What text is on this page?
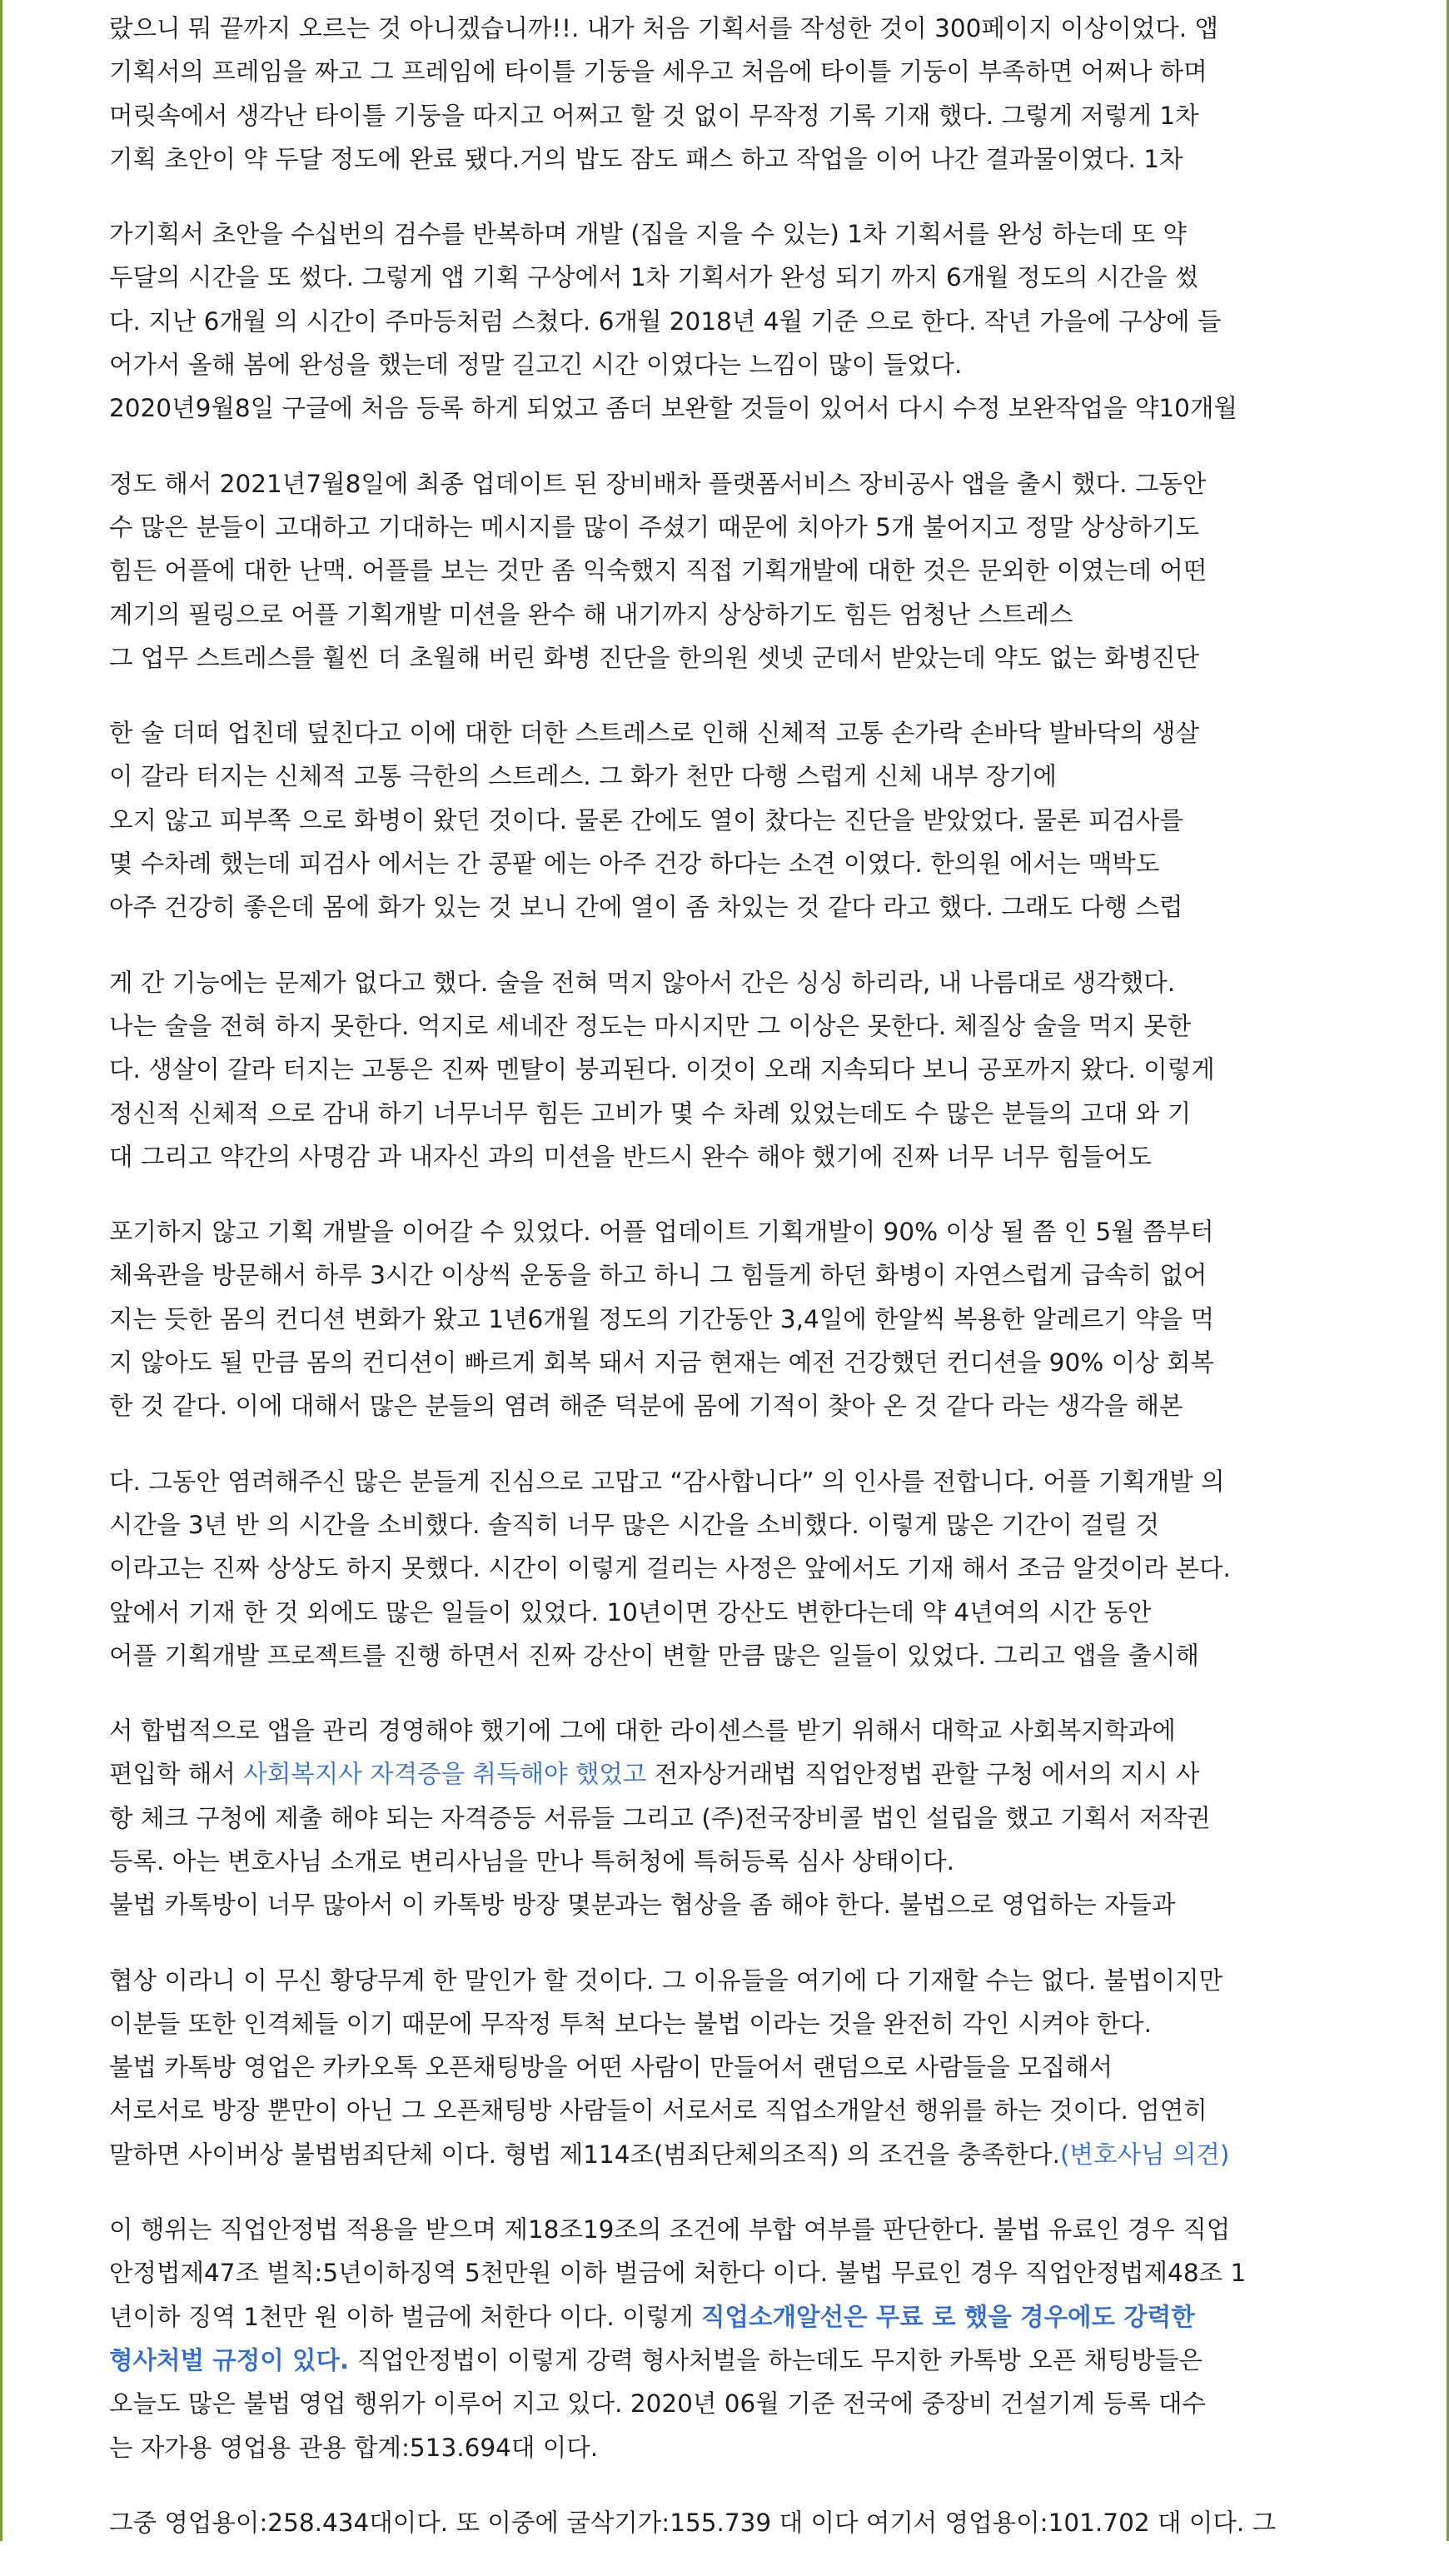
랐으니 뭐 끝까지 오르는 것 아니겠습니까!!. 내가 처음 기획서를 작성한 것이 300페이지 이상이었다. 앱
기획서의 프레임을 짜고 그 프레임에 타이틀 기둥을 세우고 처음에 타이틀 기둥이 부족하면 어쩌나 하며
머릿속에서 생각난 타이틀 기둥을 따지고 어쩌고 할 것 없이 무작정 기록 기재 했다. 그렇게 저렇게 1차
기획 초안이 약 두달 정도에 완료 됐다.거의 밥도 잠도 패스 하고 작업을 이어 나간 결과물이였다. 1차
가기획서 초안을 수십번의 검수를 반복하며 개발 (집을 지을 수 있는) 1차 기획서를 완성 하는데 또 약
두달의 시간을 또 썼다. 그렇게 앱 기획 구상에서 1차 기획서가 완성 되기 까지 6개월 정도의 시간을 썼
다. 지난 6개월 의 시간이 주마등처럼 스쳤다. 6개월 2018년 4월 기준 으로 한다. 작년 가을에 구상에 들
어가서 올해 봄에 완성을 했는데 정말 길고긴 시간 이였다는 느낌이 많이 들었다.
2020년9월8일 구글에 처음 등록 하게 되었고 좀더 보완할 것들이 있어서 다시 수정 보완작업을 약10개월
정도 해서 2021년7월8일에 최종 업데이트 된 장비배차 플랫폼서비스 장비공사 앱을 출시 했다. 그동안
수 많은 분들이 고대하고 기대하는 메시지를 많이 주셨기 때문에 치아가 5개 불어지고 정말 상상하기도
힘든 어플에 대한 난맥. 어플를 보는 것만 좀 익숙했지 직접 기획개발에 대한 것은 문외한 이였는데 어떤
계기의 필링으로 어플 기획개발 미션을 완수 해 내기까지 상상하기도 힘든 엄청난 스트레스
그 업무 스트레스를 훨씬 더 초월해 버린 화병 진단을 한의원 셋넷 군데서 받았는데 약도 없는 화병진단
한 술 더떠 업친데 덮친다고 이에 대한 더한 스트레스로 인해 신체적 고통 손가락 손바닥 발바닥의 생살
이 갈라 터지는 신체적 고통 극한의 스트레스. 그 화가 천만 다행 스럽게 신체 내부 장기에
오지 않고 피부쪽 으로 화병이 왔던 것이다. 물론 간에도 열이 찼다는 진단을 받았었다. 물론 피검사를
몇 수차례 했는데 피검사 에서는 간 콩팥 에는 아주 건강 하다는 소견 이였다. 한의원 에서는 맥박도
아주 건강히 좋은데 몸에 화가 있는 것 보니 간에 열이 좀 차있는 것 같다 라고 했다. 그래도 다행 스럽
게 간 기능에는 문제가 없다고 했다. 술을 전혀 먹지 않아서 간은 싱싱 하리라, 내 나름대로 생각했다.
나는 술을 전혀 하지 못한다. 억지로 세네잔 정도는 마시지만 그 이상은 못한다. 체질상 술을 먹지 못한
다. 생살이 갈라 터지는 고통은 진짜 멘탈이 붕괴된다. 이것이 오래 지속되다 보니 공포까지 왔다. 이렇게
정신적 신체적 으로 감내 하기 너무너무 힘든 고비가 몇 수 차례 있었는데도 수 많은 분들의 고대 와 기
대 그리고 약간의 사명감 과 내자신 과의 미션을 반드시 완수 해야 했기에 진짜 너무 너무 힘들어도
포기하지 않고 기획 개발을 이어갈 수 있었다. 어플 업데이트 기획개발이 90% 이상 될 쯤 인 5월 쯤부터
체육관을 방문해서 하루 3시간 이상씩 운동을 하고 하니 그 힘들게 하던 화병이 자연스럽게 급속히 없어
지는 듯한 몸의 컨디션 변화가 왔고 1년6개월 정도의 기간동안 3,4일에 한알씩 복용한 알레르기 약을 먹
지 않아도 될 만큼 몸의 컨디션이 빠르게 회복 돼서 지금 현재는 예전 건강했던 컨디션을 90% 이상 회복
한 것 같다. 이에 대해서 많은 분들의 염려 해준 덕분에 몸에 기적이 찾아 온 것 같다 라는 생각을 해본
다. 그동안 염려해주신 많은 분들게 진심으로 고맙고 “감사합니다” 의 인사를 전합니다. 어플 기획개발 의
시간을 3년 반 의 시간을 소비했다. 솔직히 너무 많은 시간을 소비했다. 이렇게 많은 기간이 걸릴 것
이라고는 진짜 상상도 하지 못했다. 시간이 이렇게 걸리는 사정은 앞에서도 기재 해서 조금 알것이라 본다.
앞에서 기재 한 것 외에도 많은 일들이 있었다. 10년이면 강산도 변한다는데 약 4년여의 시간 동안
어플 기획개발 프로젝트를 진행 하면서 진짜 강산이 변할 만큼 많은 일들이 있었다. 그리고 앱을 출시해
서 합법적으로 앱을 관리 경영해야 했기에 그에 대한 라이센스를 받기 위해서 대학교 사회복지학과에
편입학 해서 사회복지사 자격증을 취득해야 했었고 전자상거래법 직업안정법 관할 구청 에서의 지시 사
항 체크 구청에 제출 해야 되는 자격증등 서류들 그리고 (주)전국장비콜 법인 설립을 했고 기획서 저작권
등록. 아는 변호사님 소개로 변리사님을 만나 특허청에 특허등록 심사 상태이다.
불법 카톡방이 너무 많아서 이 카톡방 방장 몇분과는 협상을 좀 해야 한다. 불법으로 영업하는 자들과
협상 이라니 이 무신 황당무계 한 말인가 할 것이다. 그 이유들을 여기에 다 기재할 수는 없다. 불법이지만
이분들 또한 인격체들 이기 때문에 무작정 투척 보다는 불법 이라는 것을 완전히 각인 시켜야 한다.
불법 카톡방 영업은 카카오톡 오픈채팅방을 어떤 사람이 만들어서 랜덤으로 사람들을 모집해서
서로서로 방장 뿐만이 아닌 그 오픈채팅방 사람들이 서로서로 직업소개알선 행위를 하는 것이다. 엄연히
말하면 사이버상 불법범죄단체 이다. 형법 제114조(범죄단체의조직) 의 조건을 충족한다.(변호사님 의견)
이 행위는 직업안정법 적용을 받으며 제18조19조의 조건에 부합 여부를 판단한다. 불법 유료인 경우 직업
안정법제47조 벌칙:5년이하징역 5천만원 이하 벌금에 처한다 이다. 불법 무료인 경우 직업안정법제48조 1
년이하 징역 1천만 원 이하 벌금에 처한다 이다. 이렇게 직업소개알선은 무료 로 했을 경우에도 강력한
형사처벌 규정이 있다. 직업안정법이 이렇게 강력 형사처벌을 하는데도 무지한 카톡방 오픈 채팅방들은
오늘도 많은 불법 영업 행위가 이루어 지고 있다. 2020년 06월 기준 전국에 중장비 건설기계 등록 대수
는 자가용 영업용 관용 합계:513.694대 이다.
그중 영업용이:258.434대이다. 또 이중에 굴삭기가:155.739 대 이다 여기서 영업용이:101.702 대 이다. 그
